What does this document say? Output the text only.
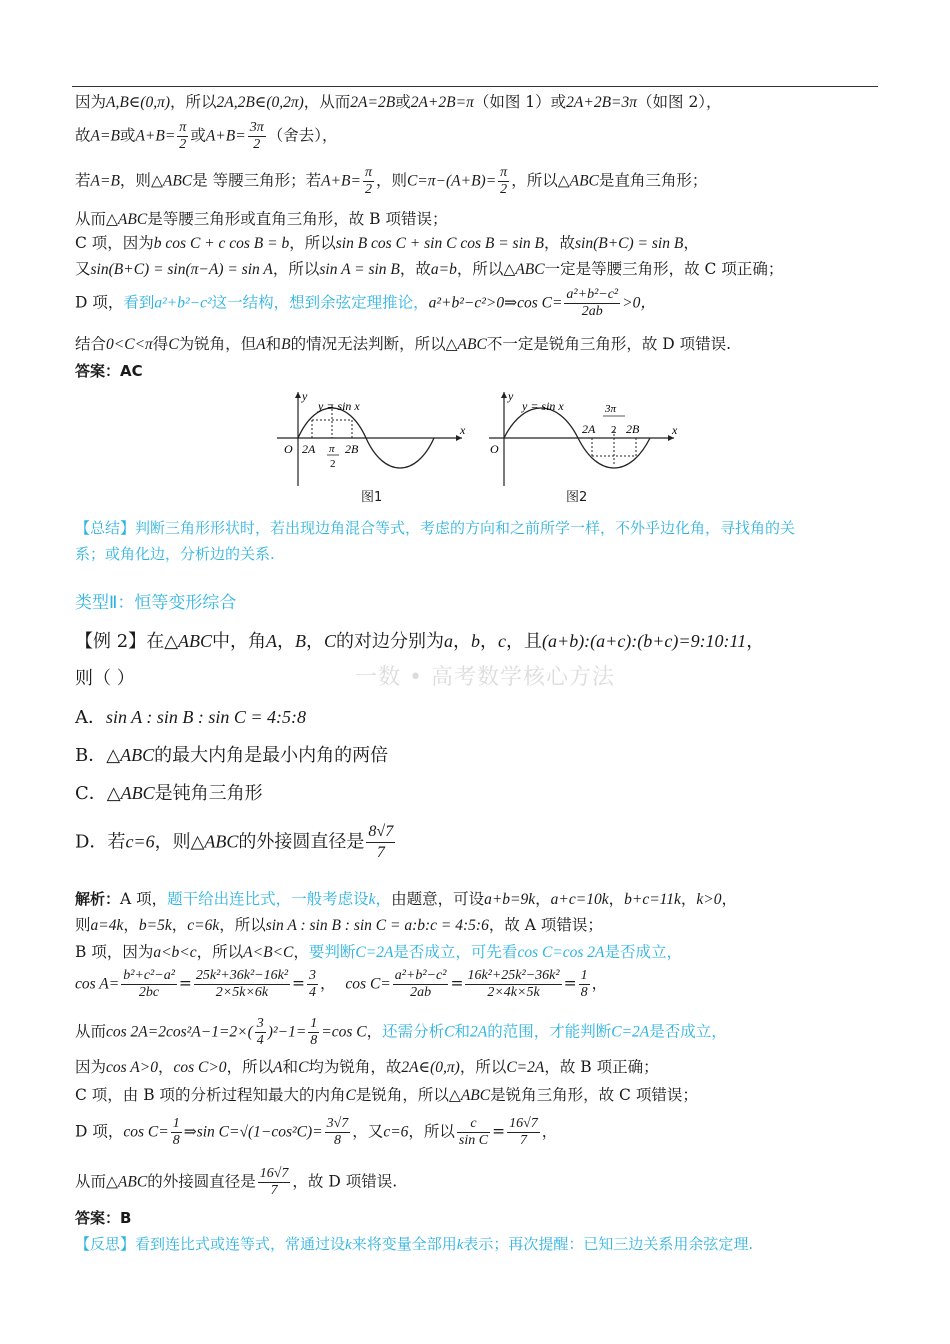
因为A,B∈(0,π)，所以2A,2B∈(0,2π)，从而2A=2B或2A+2B=π（如图 1）或2A+2B=3π（如图 2），
故A=B或$A+B= \frac{\pi}{2}$ 或$A+B= \frac{3\pi}{2}$ （舍去），
若A=B，则△ABC是 等腰三角形；若$A+B= \frac{\pi}{2}$ ，则$C=\pi-(A+B)= \frac{\pi}{2}$ ，所以△ABC是直角三角形；
从而△ABC是等腰三角形或直角三角形，故 B 项错误；
C 项，因为b cos C + c cos B = b，所以sin B cos C + sin C cos B = sin B，故sin(B+C) = sin B，
又sin(B+C) = sin(π−A) = sin A，所以sin A = sin B，故a=b，所以△ABC一定是等腰三角形，故 C 项正确；
D 项，看到a²+b²−c²这一结构，想到余弦定理推论，a²+b²−c²>0⇒cos $C= \frac{\text{a²+b²−c²}}{2ab} >0$，
结合0<C<π得C为锐角，但A和B的情况无法判断，所以△ABC不一定是锐角三角形，故 D 项错误.
答案：AC
y
x
O
y = sin x
2A π
2
2B
图1
y
x
O
y = sin x	3π
2A 2 2B
图2
【总结】判断三角形形状时，若出现边角混合等式，考虑的方向和之前所学一样，不外乎边化角，寻找角的关
系；或角化边，分析边的关系.
类型Ⅱ：恒等变形综合
【例 2】在△ABC中，角A，B，C的对边分别为a，b，c，且(a+b):(a+c):(b+c)=9:10:11，
则（ ）	一数 • 高考数学核心方法
A．sin A : sin B : sin C = 4:5:8
B．△ABC的最大内角是最小内角的两倍
C．△ABC是钝角三角形
D．若c=6，则△ABC的外接圆直径是 $\frac{8√7}{7}$
解析：A 项，题干给出连比式，一般考虑设k，由题意，可设a+b=9k，a+c=10k，b+c=11k，k>0，
则a=4k，b=5k，c=6k，所以sin A : sin B : sin C = a:b:c = 4:5:6，故 A 项错误；
B 项，因为a<b<c，所以A<B<C，要判断C=2A是否成立，可先看cos C=cos 2A是否成立，
$\cos A= \frac{\text{b²+c²−a²}}{2bc} = \frac{\text{25k²+36k²−16k²}}{2\times 5k\times 6k} = \frac{3}{4}$ ， $\cos C= \frac{\text{a²+b²−c²}}{2ab} = \frac{\text{16k²+25k²−36k²}}{2\times 4k\times 5k} = \frac{1}{8}$ ，
从而$\cos 2A=2\cos^2A-1=2\times( \frac{3}{4} )^2-1= \frac{1}{8} =\cos$ C，还需分析C和2A的范围，才能判断C=2A是否成立，
因为cos A>0，cos C>0，所以A和C均为锐角，故2A∈(0,π)，所以C=2A，故 B 项正确；
C 项，由 B 项的分析过程知最大的内角C是锐角，所以△ABC是锐角三角形，故 C 项错误；
D 项，$\cos C= \frac{1}{8}$ ⇒sin $C=√(1-\cos^2C)= \frac{3√7}{8}$ ，又c=6，所以 $\frac{c}{\text{sin C}} = \frac{16√7}{7}$ ，
从而△ABC的外接圆直径是 $\frac{16√7}{7}$ ，故 D 项错误.
答案：B
【反思】看到连比式或连等式，常通过设k来将变量全部用k表示；再次提醒：已知三边关系用余弦定理.
